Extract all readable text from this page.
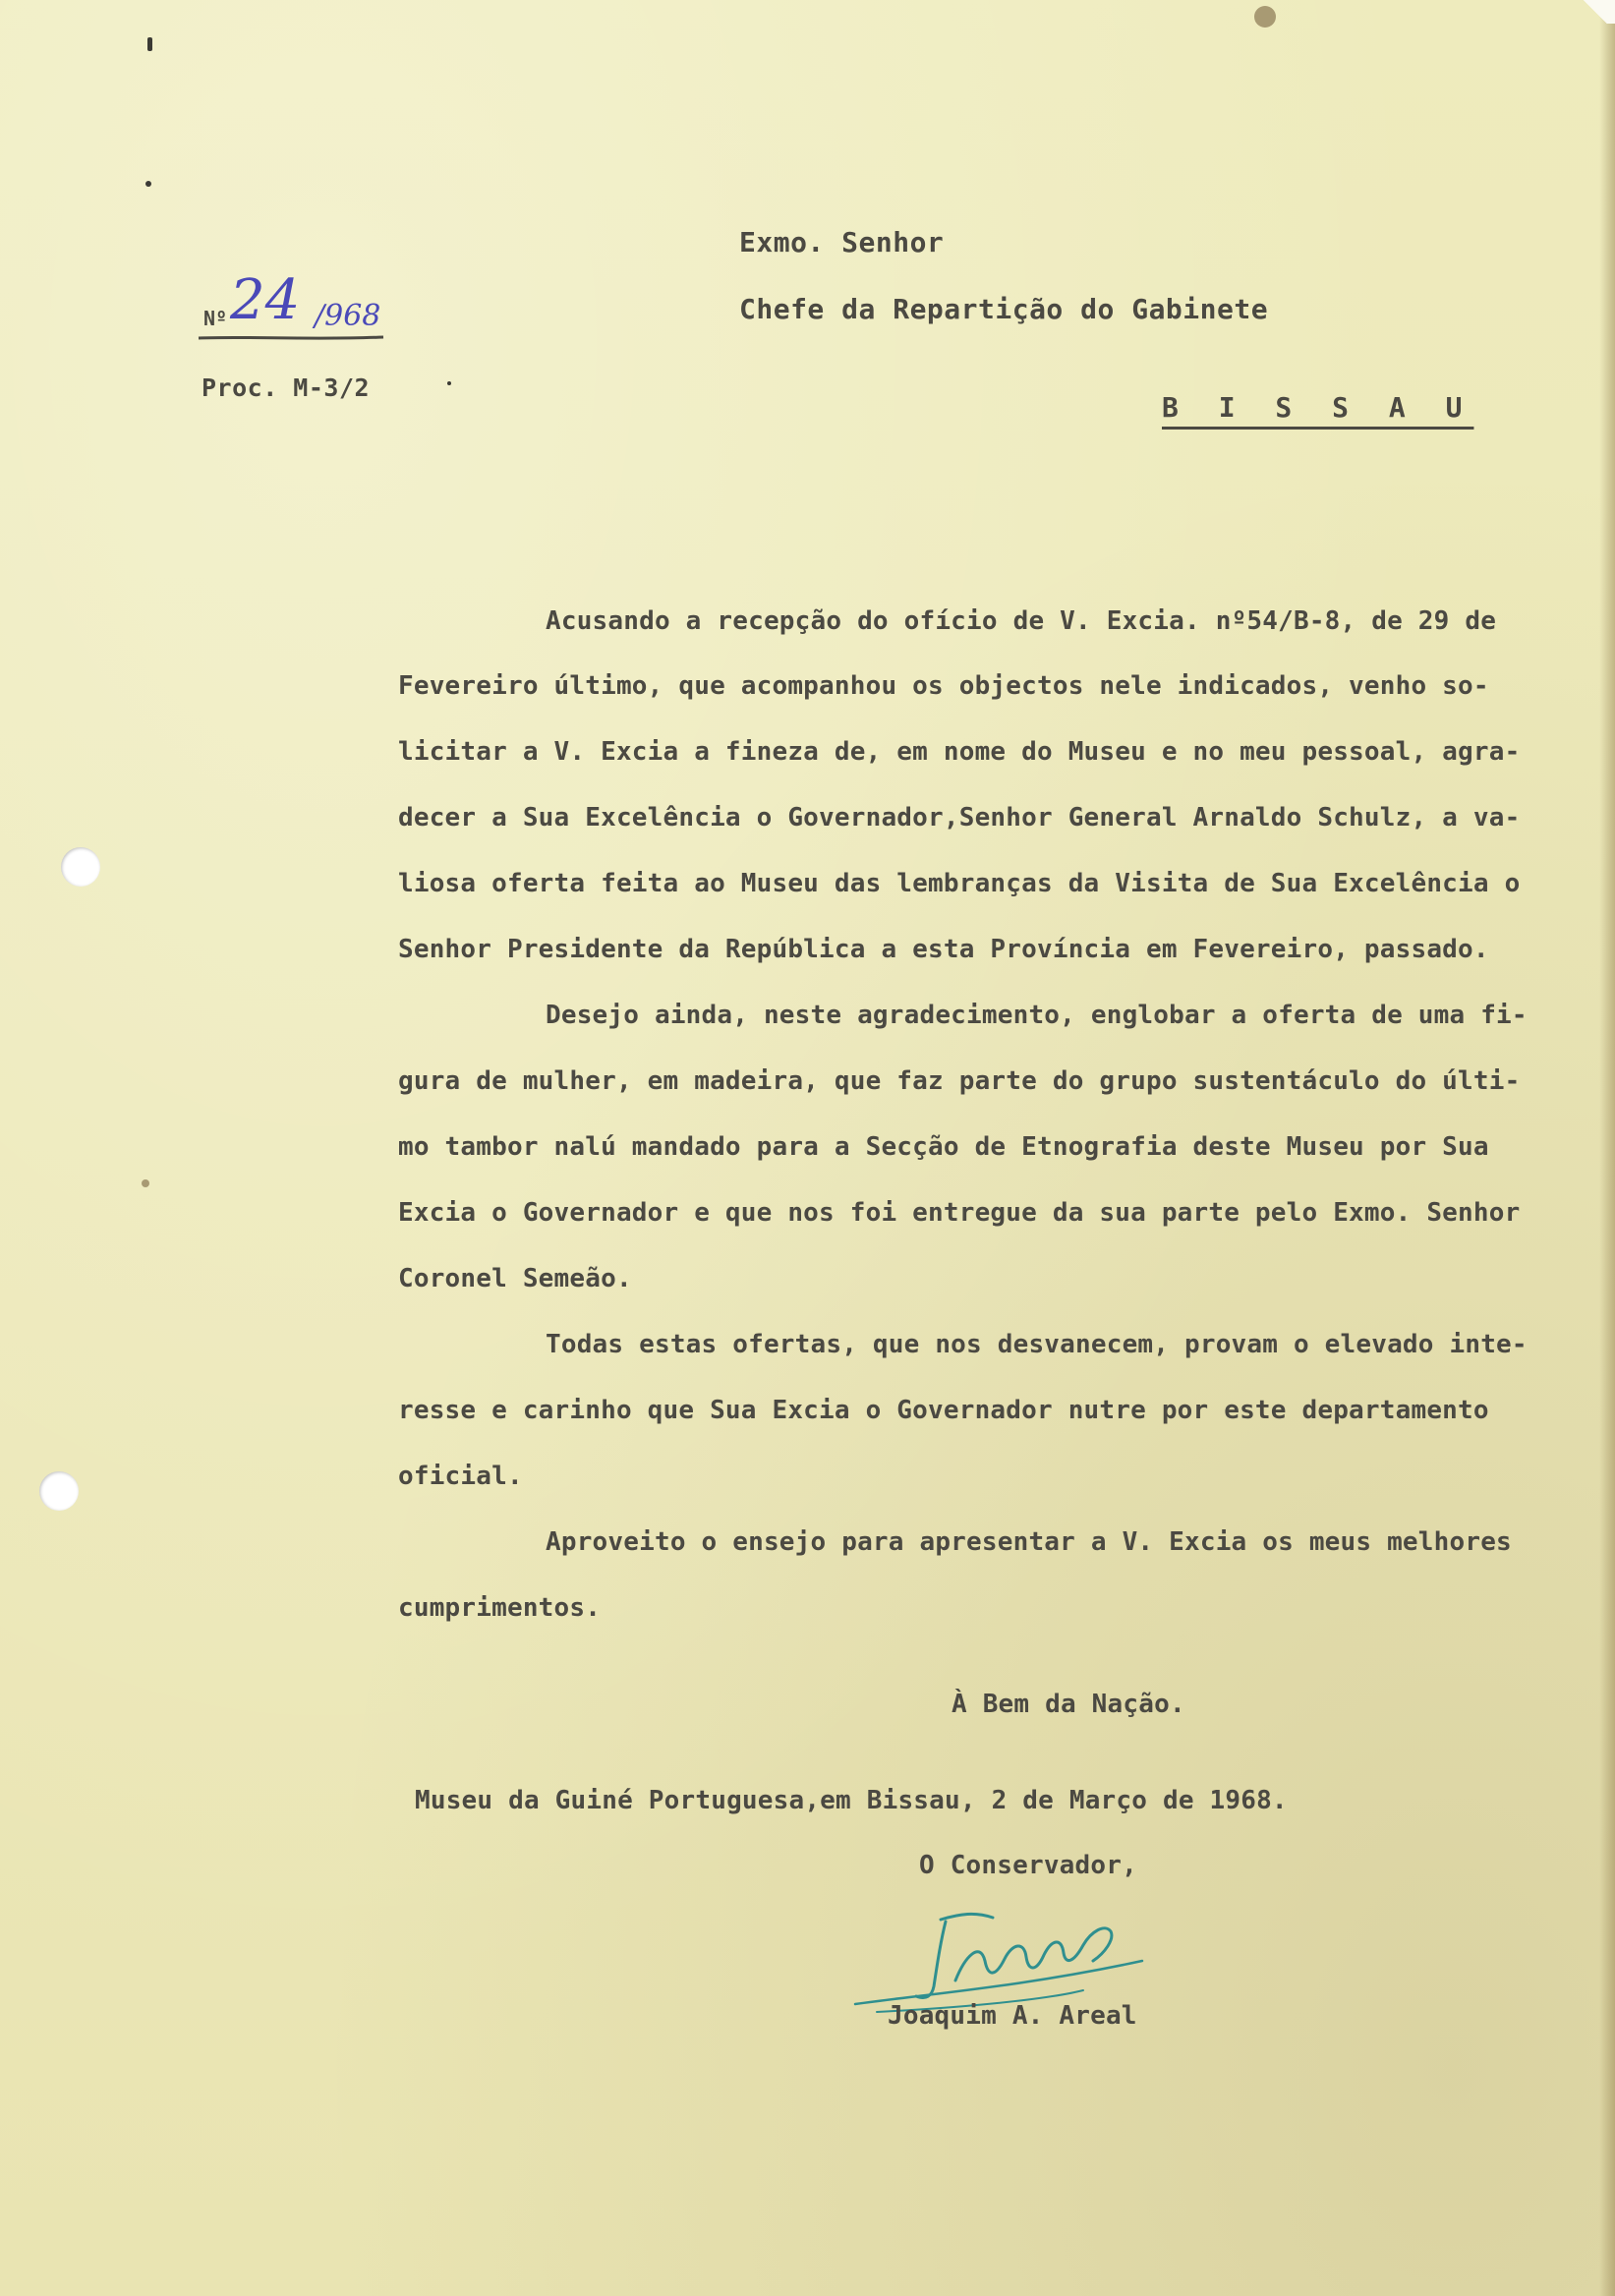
Nº 24 /968
Proc. M-3/2
Exmo. Senhor
Chefe da Repartição do Gabinete
B I S S A U
Acusando a recepção do ofício de V. Excia. nº54/B-8, de 29 de
Fevereiro último, que acompanhou os objectos nele indicados, venho so-
licitar a V. Excia a fineza de, em nome do Museu e no meu pessoal, agra-
decer a Sua Excelência o Governador,Senhor General Arnaldo Schulz, a va-
liosa oferta feita ao Museu das lembranças da Visita de Sua Excelência o
Senhor Presidente da República a esta Província em Fevereiro, passado.
Desejo ainda, neste agradecimento, englobar a oferta de uma fi-
gura de mulher, em madeira, que faz parte do grupo sustentáculo do últi-
mo tambor nalú mandado para a Secção de Etnografia deste Museu por Sua
Excia o Governador e que nos foi entregue da sua parte pelo Exmo. Senhor
Coronel Semeão.
Todas estas ofertas, que nos desvanecem, provam o elevado inte-
resse e carinho que Sua Excia o Governador nutre por este departamento
oficial.
Aproveito o ensejo para apresentar a V. Excia os meus melhores
cumprimentos.
À Bem da Nação.
Museu da Guiné Portuguesa,em Bissau, 2 de Março de 1968.
O Conservador,
Joaquim A. Areal
